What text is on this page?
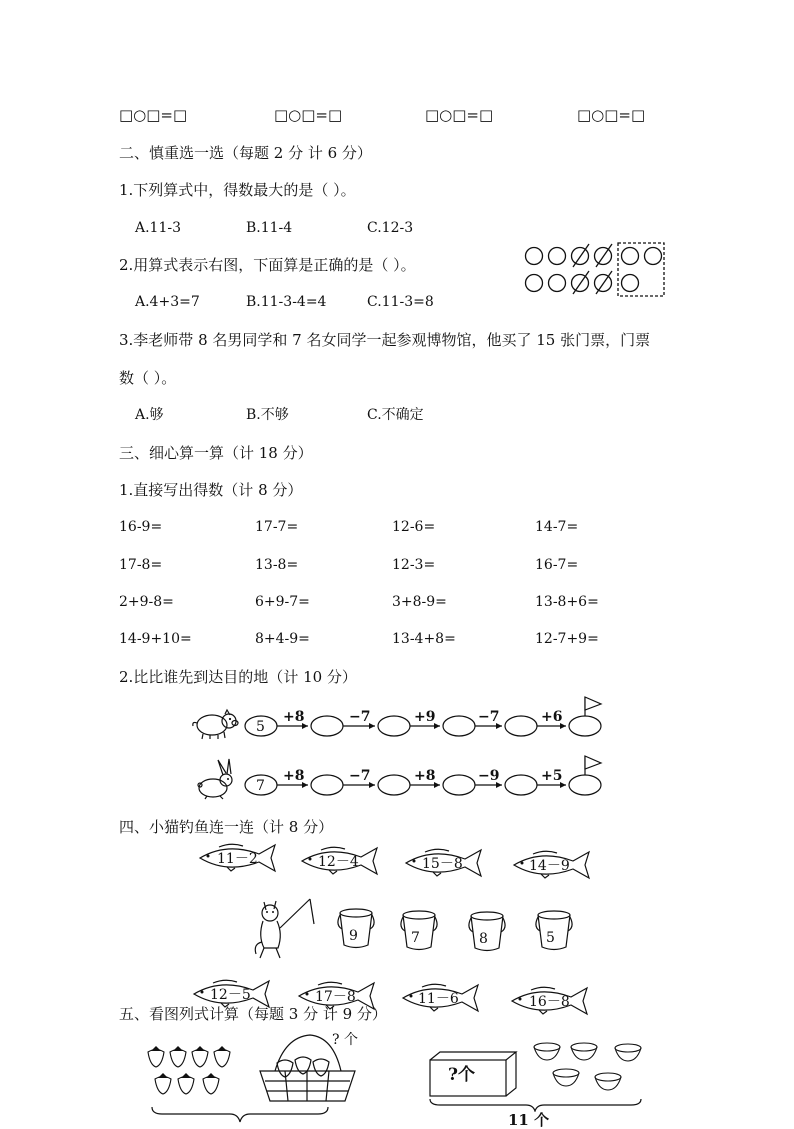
□○□=□	□○□=□	□○□=□	□○□=□
二、慎重选一选（每题 2 分 计 6 分）
1.下列算式中，得数最大的是（ ）。
A.11-3	B.11-4	C.12-3
2.用算式表示右图，下面算是正确的是（ ）。
A.4+3=7	B.11-3-4=4	C.11-3=8
3.李老师带 8 名男同学和 7 名女同学一起参观博物馆，他买了 15 张门票，门票
数（ ）。
A.够	B.不够	C.不确定
三、细心算一算（计 18 分）
1.直接写出得数（计 8 分）
16-9=	17-7=	12-6=	14-7=
17-8=	13-8=	12-3=	16-7=
2+9-8=	6+9-7=	3+8-9=	13-8+6=
14-9+10=	8+4-9=	13-4+8=	12-7+9=
2.比比谁先到达目的地（计 10 分）
5
+8	−7	+9	−7	+6
7
+8	−7	+8	−9	+5
四、小猫钓鱼连一连（计 8 分）
11－2	12－4	15－8	14－9
9	7	8	5
12－5	17－8	11－6	16－8
五、看图列式计算（每题 3 分 计 9 分）
? 个
?个
11 个
